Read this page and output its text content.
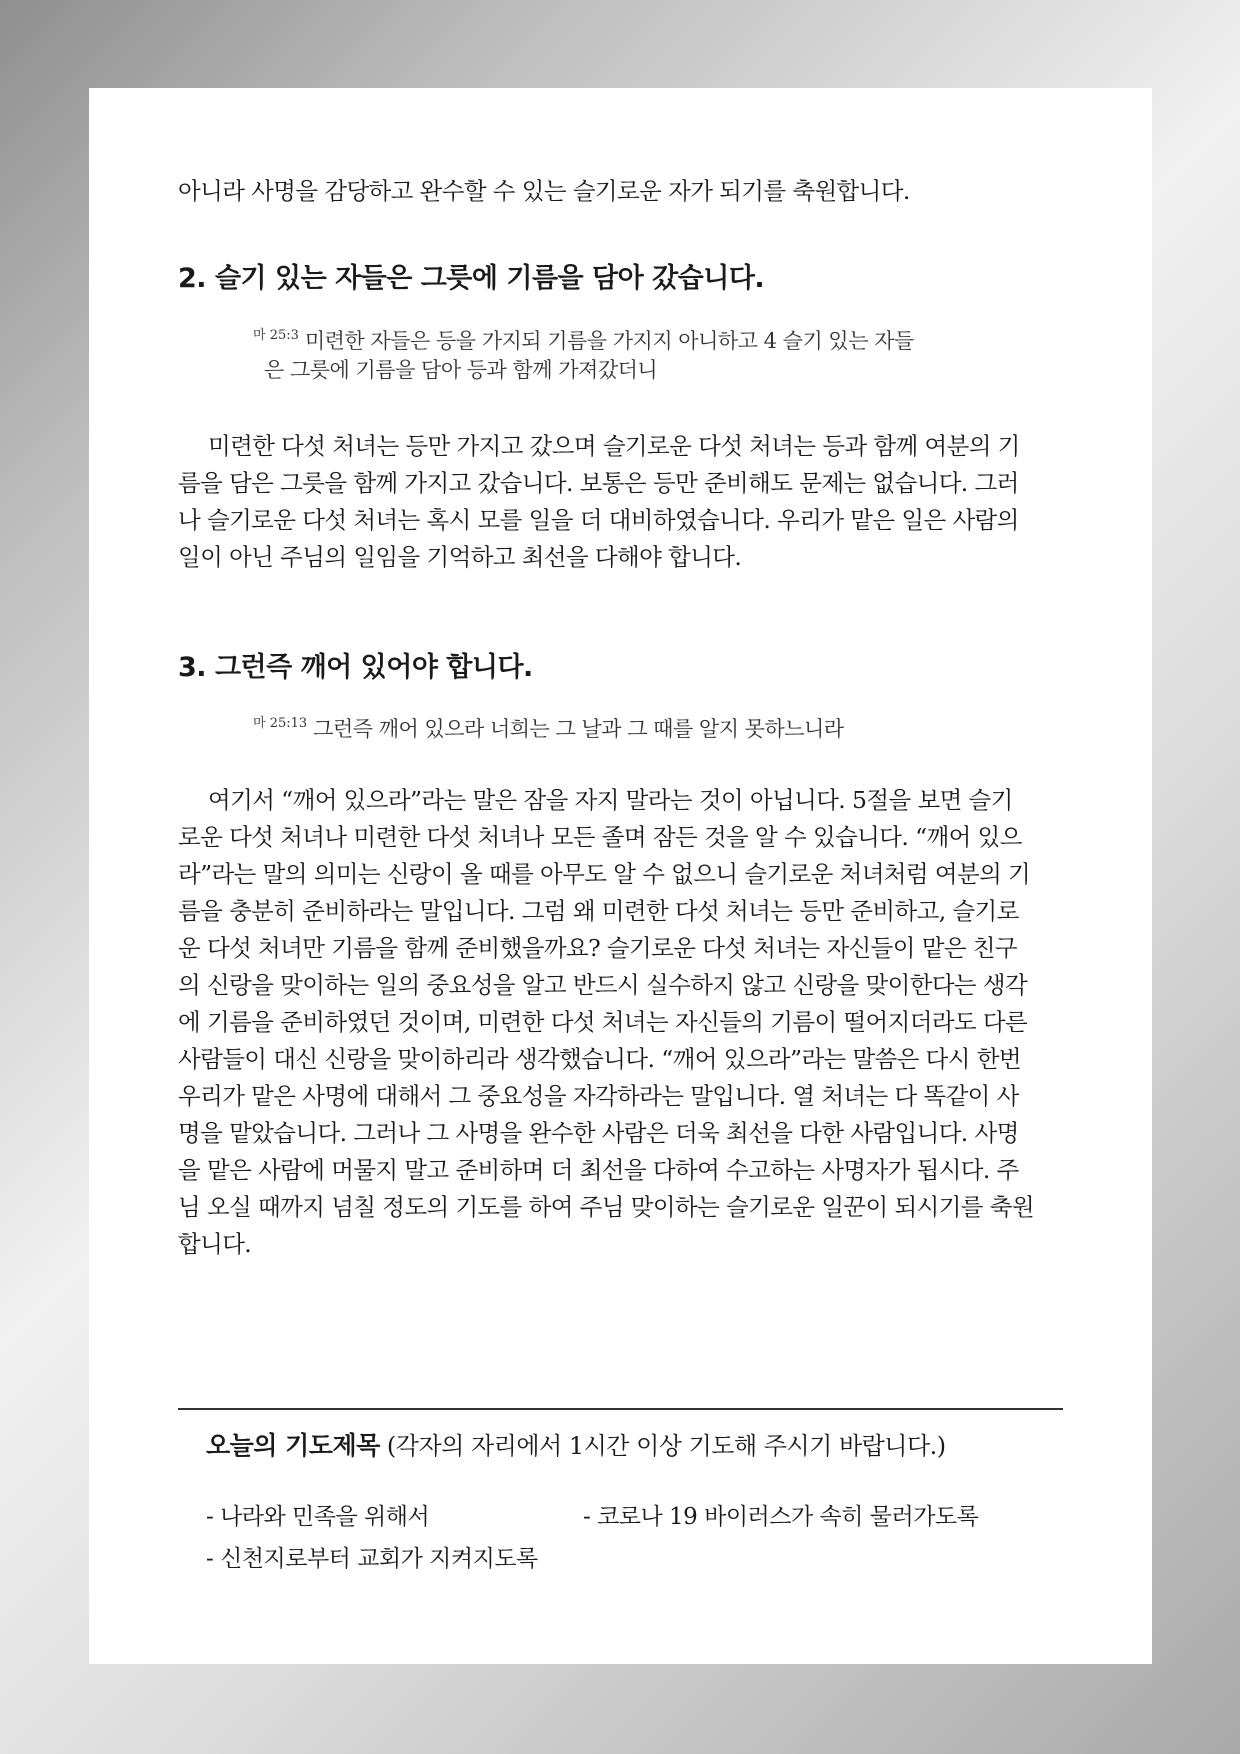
아니라 사명을 감당하고 완수할 수 있는 슬기로운 자가 되기를 축원합니다.
2. 슬기 있는 자들은 그릇에 기름을 담아 갔습니다.
$^{마 25:3}$ 미련한 자들은 등을 가지되 기름을 가지지 아니하고 4 슬기 있는 자들
은 그릇에 기름을 담아 등과 함께 가져갔더니
미련한 다섯 처녀는 등만 가지고 갔으며 슬기로운 다섯 처녀는 등과 함께 여분의 기
름을 담은 그릇을 함께 가지고 갔습니다. 보통은 등만 준비해도 문제는 없습니다. 그러
나 슬기로운 다섯 처녀는 혹시 모를 일을 더 대비하였습니다. 우리가 맡은 일은 사람의
일이 아닌 주님의 일임을 기억하고 최선을 다해야 합니다.
3. 그런즉 깨어 있어야 합니다.
$^{마 25:13}$ 그런즉 깨어 있으라 너희는 그 날과 그 때를 알지 못하느니라
여기서 “깨어 있으라”라는 말은 잠을 자지 말라는 것이 아닙니다. 5절을 보면 슬기
로운 다섯 처녀나 미련한 다섯 처녀나 모든 졸며 잠든 것을 알 수 있습니다. “깨어 있으
라”라는 말의 의미는 신랑이 올 때를 아무도 알 수 없으니 슬기로운 처녀처럼 여분의 기
름을 충분히 준비하라는 말입니다. 그럼 왜 미련한 다섯 처녀는 등만 준비하고, 슬기로
운 다섯 처녀만 기름을 함께 준비했을까요? 슬기로운 다섯 처녀는 자신들이 맡은 친구
의 신랑을 맞이하는 일의 중요성을 알고 반드시 실수하지 않고 신랑을 맞이한다는 생각
에 기름을 준비하였던 것이며, 미련한 다섯 처녀는 자신들의 기름이 떨어지더라도 다른
사람들이 대신 신랑을 맞이하리라 생각했습니다. “깨어 있으라”라는 말씀은 다시 한번
우리가 맡은 사명에 대해서 그 중요성을 자각하라는 말입니다. 열 처녀는 다 똑같이 사
명을 맡았습니다. 그러나 그 사명을 완수한 사람은 더욱 최선을 다한 사람입니다. 사명
을 맡은 사람에 머물지 말고 준비하며 더 최선을 다하여 수고하는 사명자가 됩시다. 주
님 오실 때까지 넘칠 정도의 기도를 하여 주님 맞이하는 슬기로운 일꾼이 되시기를 축원
합니다.
오늘의 기도제목 (각자의 자리에서 1시간 이상 기도해 주시기 바랍니다.)
- 나라와 민족을 위해서	- 코로나 19 바이러스가 속히 물러가도록
- 신천지로부터 교회가 지켜지도록
